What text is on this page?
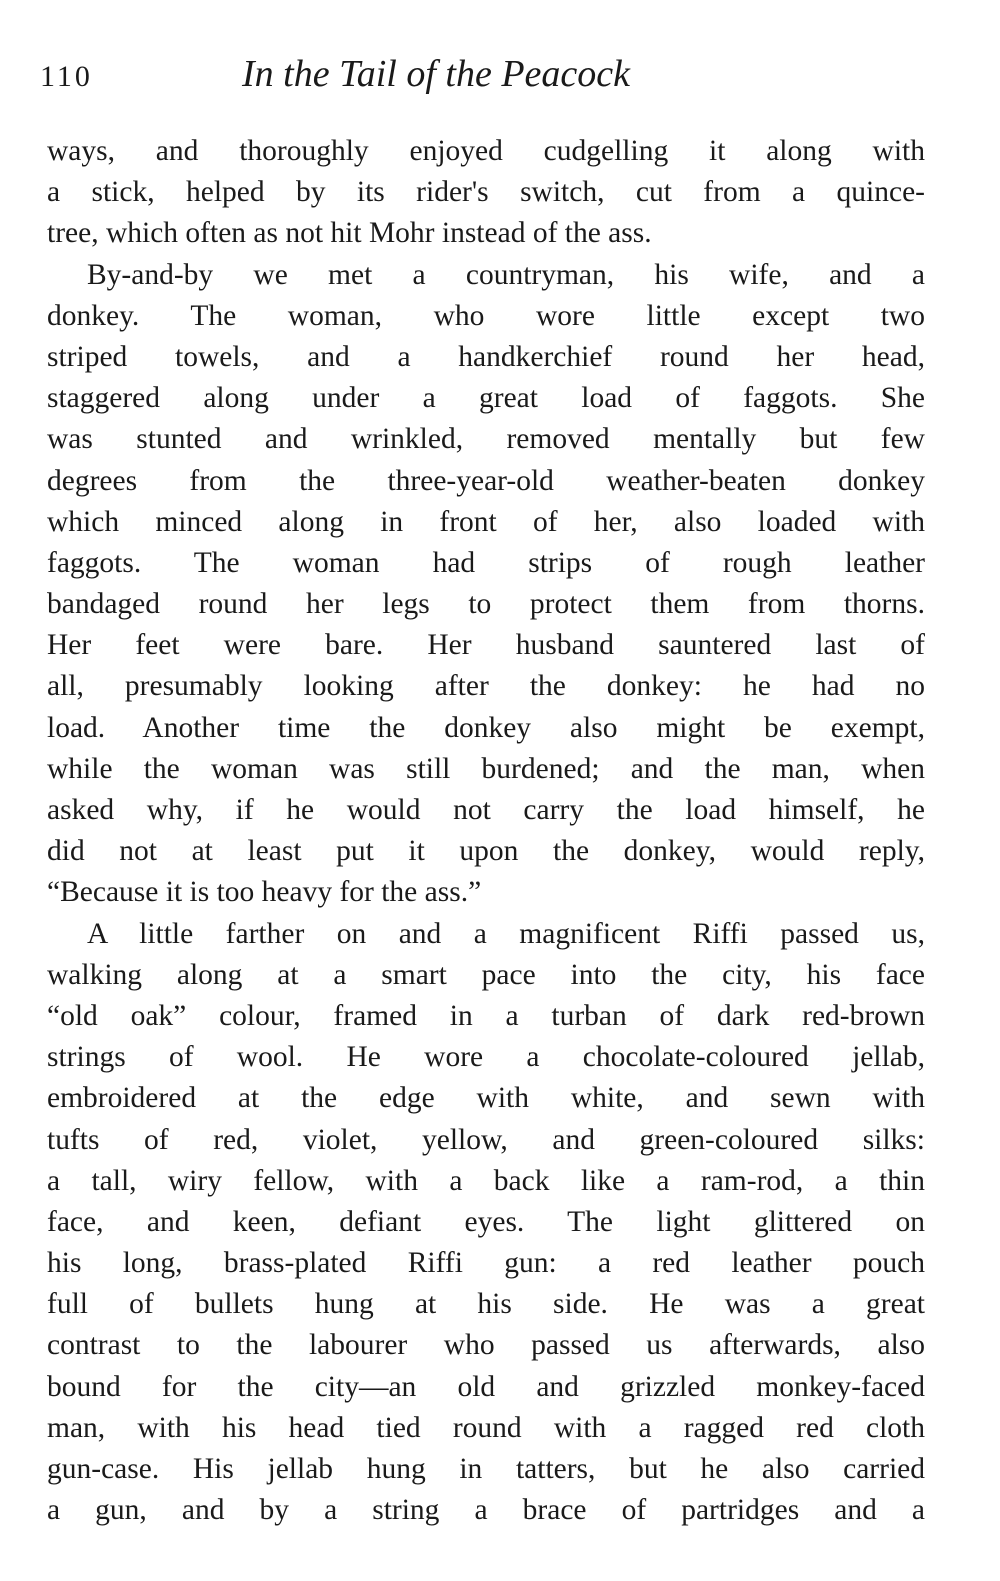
110	In the Tail of the Peacock
ways, and thoroughly enjoyed cudgelling it along with
a stick, helped by its rider's switch, cut from a quince-
tree, which often as not hit Mohr instead of the ass.
By-and-by we met a countryman, his wife, and a
donkey. The woman, who wore little except two
striped towels, and a handkerchief round her head,
staggered along under a great load of faggots. She
was stunted and wrinkled, removed mentally but few
degrees from the three-year-old weather-beaten donkey
which minced along in front of her, also loaded with
faggots. The woman had strips of rough leather
bandaged round her legs to protect them from thorns.
Her feet were bare. Her husband sauntered last of
all, presumably looking after the donkey: he had no
load. Another time the donkey also might be exempt,
while the woman was still burdened; and the man, when
asked why, if he would not carry the load himself, he
did not at least put it upon the donkey, would reply,
“Because it is too heavy for the ass.”
A little farther on and a magnificent Riffi passed us,
walking along at a smart pace into the city, his face
“old oak” colour, framed in a turban of dark red-brown
strings of wool. He wore a chocolate-coloured jellab,
embroidered at the edge with white, and sewn with
tufts of red, violet, yellow, and green-coloured silks:
a tall, wiry fellow, with a back like a ram-rod, a thin
face, and keen, defiant eyes. The light glittered on
his long, brass-plated Riffi gun: a red leather pouch
full of bullets hung at his side. He was a great
contrast to the labourer who passed us afterwards, also
bound for the city—an old and grizzled monkey-faced
man, with his head tied round with a ragged red cloth
gun-case. His jellab hung in tatters, but he also carried
a gun, and by a string a brace of partridges and a
